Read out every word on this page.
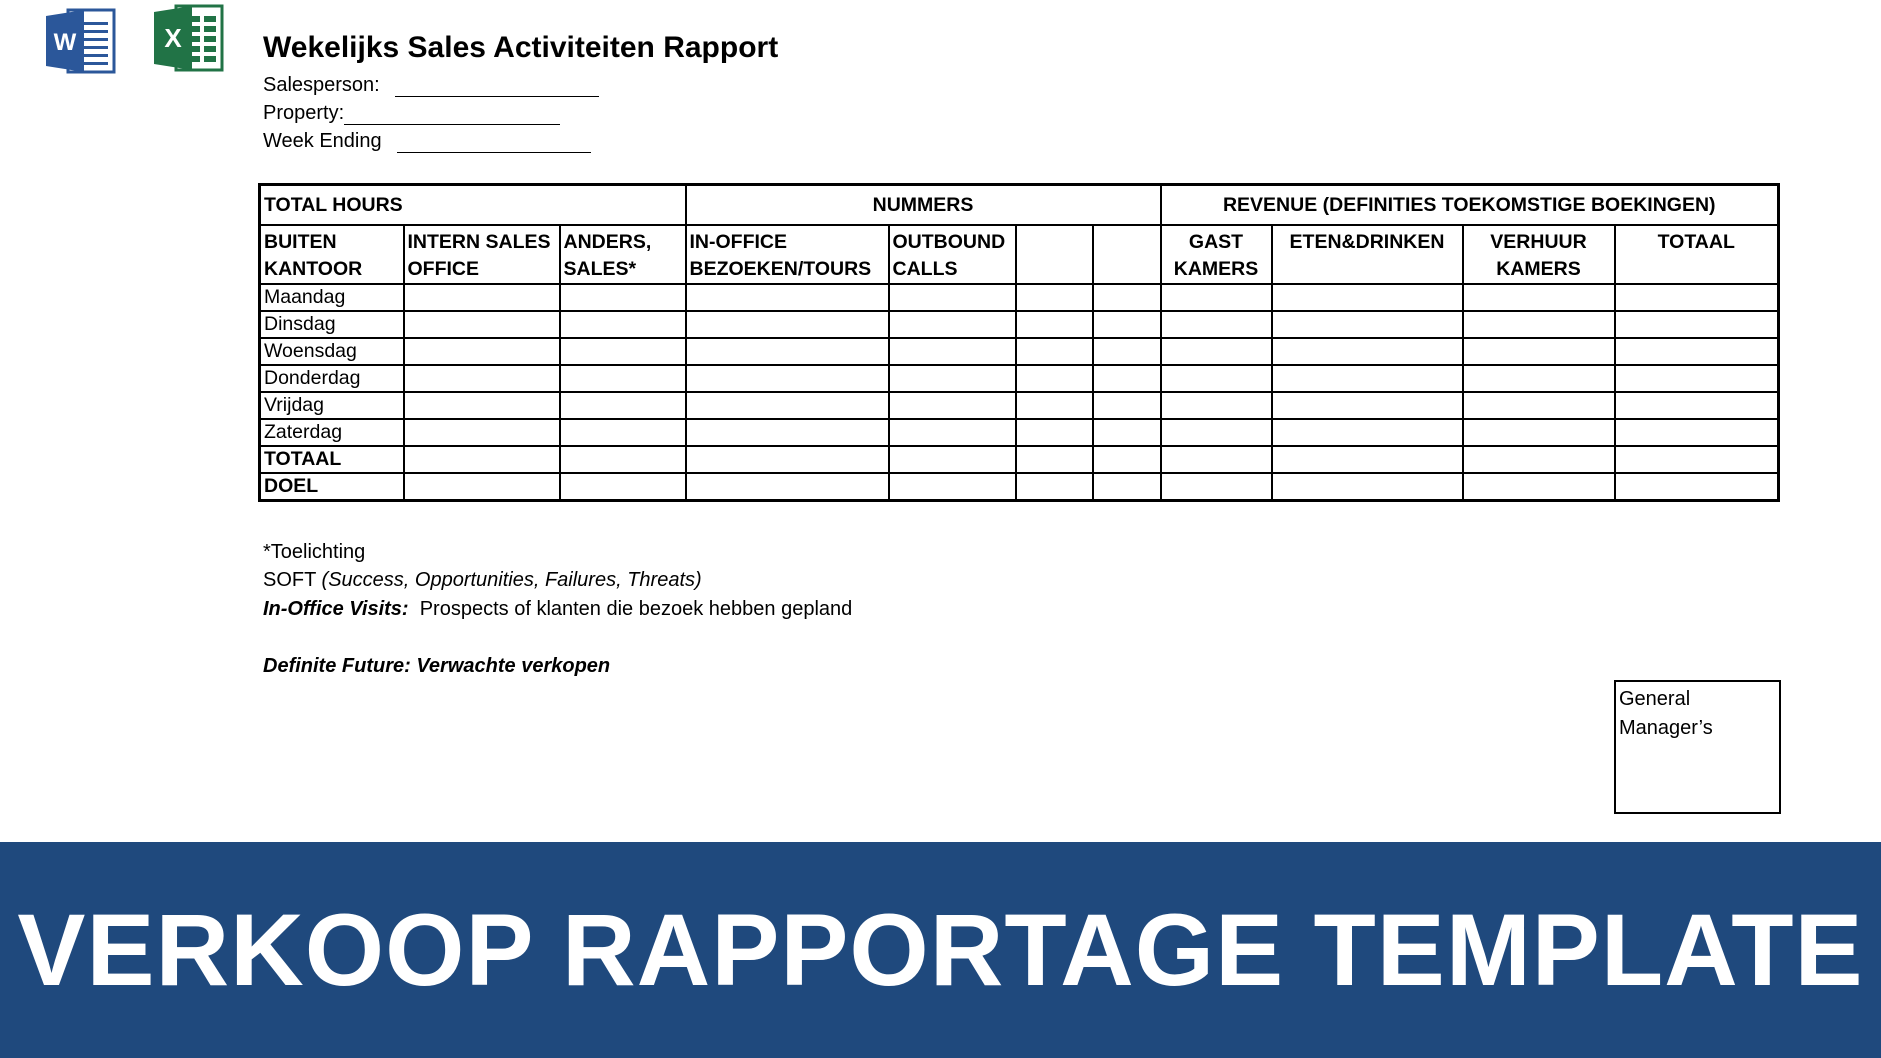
W	X	Wekelijks Sales Activiteiten Rapport
Salesperson:
Property:
Week Ending
TOTAL HOURS			NUMMERS				REVENUE (DEFINITIES TOEKOMSTIGE BOEKINGEN)			
BUITEN KANTOOR	INTERN SALES OFFICE	ANDERS, SALES*	IN-OFFICE BEZOEKEN/TOURS	OUTBOUND CALLS			GAST KAMERS	ETEN&DRINKEN	VERHUUR KAMERS	TOTAAL
Maandag										
Dinsdag										
Woensdag										
Donderdag										
Vrijdag										
Zaterdag										
TOTAAL										
DOEL										
*Toelichting
SOFT (Success, Opportunities, Failures, Threats)
In-Office Visits: Prospects of klanten die bezoek hebben gepland
Definite Future: Verwachte verkopen
General Manager’s
VERKOOP RAPPORTAGE TEMPLATE
